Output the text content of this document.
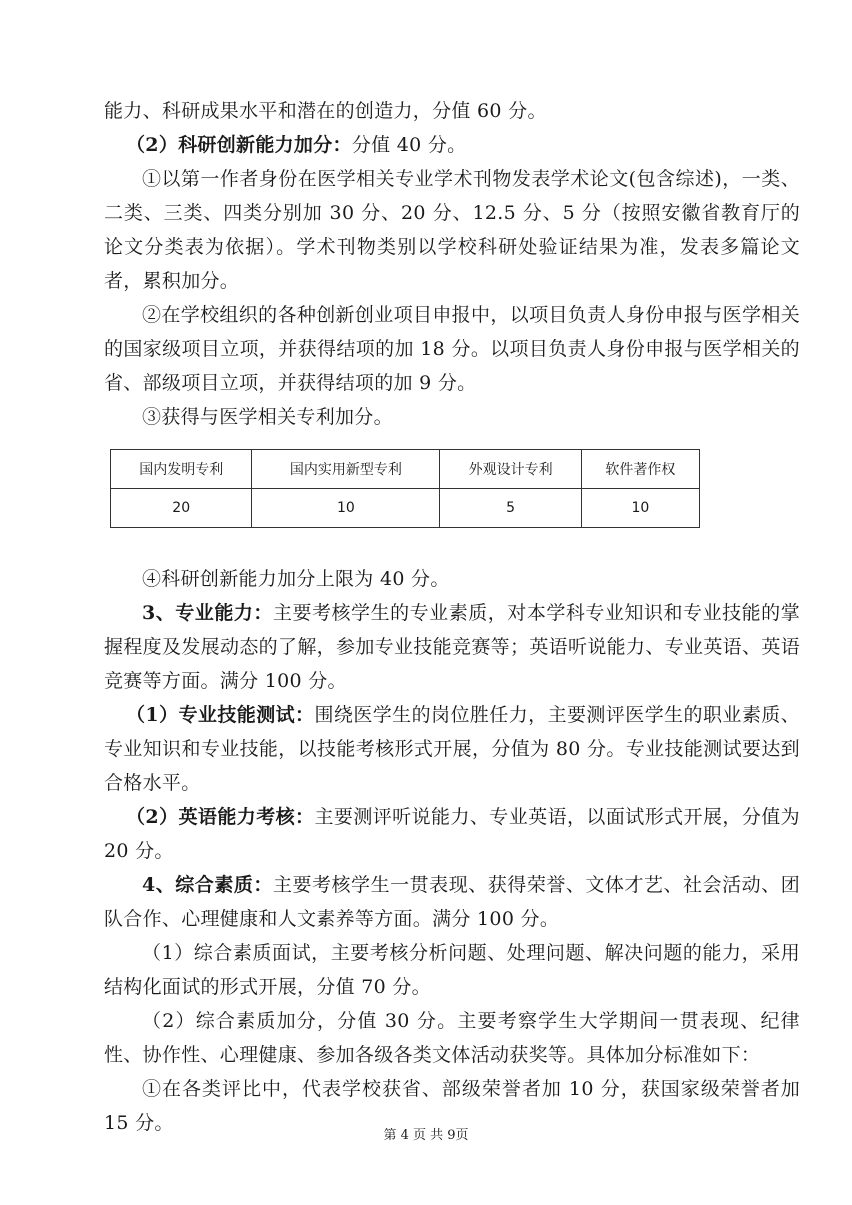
能力、科研成果水平和潜在的创造力，分值 60 分。

（2）科研创新能力加分：分值 40 分。

①以第一作者身份在医学相关专业学术刊物发表学术论文(包含综述)，一类、二类、三类、四类分别加 30 分、20 分、12.5 分、5 分（按照安徽省教育厅的论文分类表为依据）。学术刊物类别以学校科研处验证结果为准，发表多篇论文者，累积加分。

②在学校组织的各种创新创业项目申报中，以项目负责人身份申报与医学相关的国家级项目立项，并获得结项的加 18 分。以项目负责人身份申报与医学相关的省、部级项目立项，并获得结项的加 9 分。

③获得与医学相关专利加分。

国内发明专利	国内实用新型专利	外观设计专利	软件著作权
20	10	5	10

④科研创新能力加分上限为 40 分。

3、专业能力：主要考核学生的专业素质，对本学科专业知识和专业技能的掌握程度及发展动态的了解，参加专业技能竞赛等；英语听说能力、专业英语、英语竞赛等方面。满分 100 分。

（1）专业技能测试：围绕医学生的岗位胜任力，主要测评医学生的职业素质、专业知识和专业技能，以技能考核形式开展，分值为 80 分。专业技能测试要达到合格水平。

（2）英语能力考核：主要测评听说能力、专业英语，以面试形式开展，分值为 20 分。

4、综合素质：主要考核学生一贯表现、获得荣誉、文体才艺、社会活动、团队合作、心理健康和人文素养等方面。满分 100 分。

（1）综合素质面试，主要考核分析问题、处理问题、解决问题的能力，采用结构化面试的形式开展，分值 70 分。

（2）综合素质加分，分值 30 分。主要考察学生大学期间一贯表现、纪律性、协作性、心理健康、参加各级各类文体活动获奖等。具体加分标准如下：

①在各类评比中，代表学校获省、部级荣誉者加 10 分，获国家级荣誉者加 15 分。

第 4 页 共 9页
